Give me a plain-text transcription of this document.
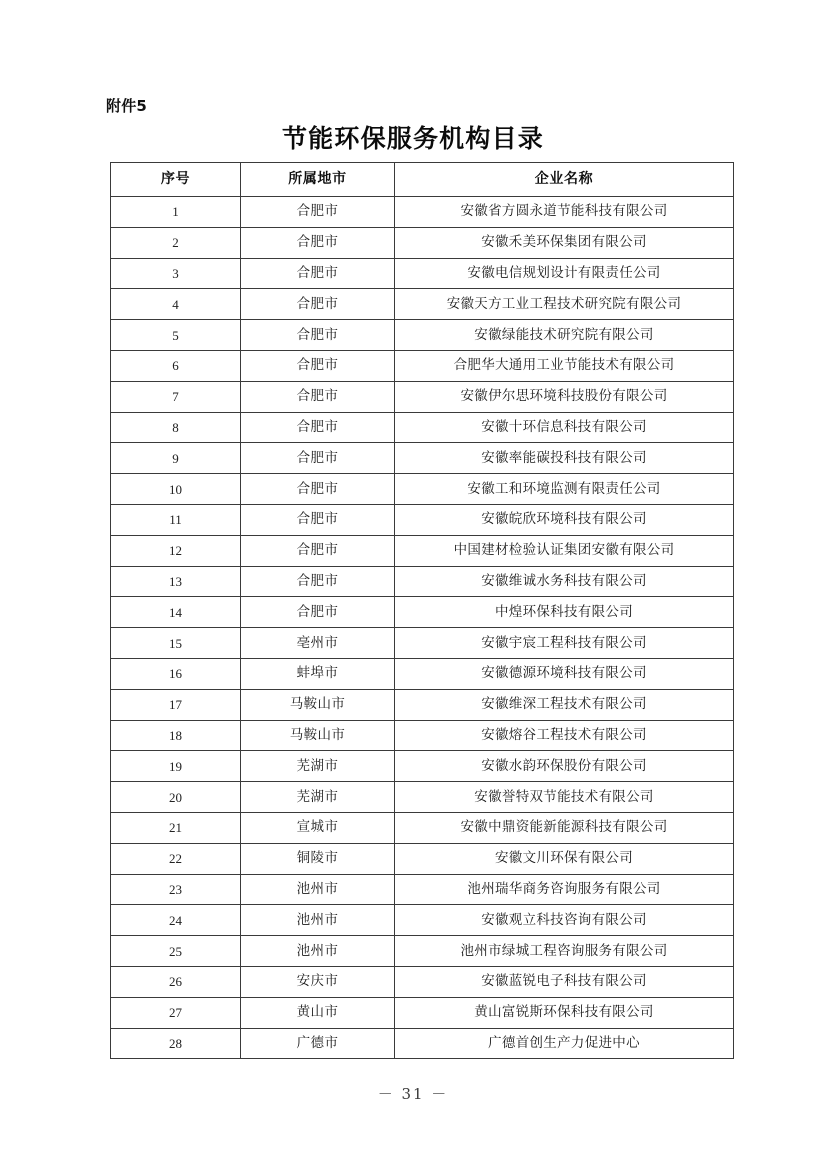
附件5
节能环保服务机构目录
序号	所属地市	企业名称
1	合肥市	安徽省方圆永道节能科技有限公司
2	合肥市	安徽禾美环保集团有限公司
3	合肥市	安徽电信规划设计有限责任公司
4	合肥市	安徽天方工业工程技术研究院有限公司
5	合肥市	安徽绿能技术研究院有限公司
6	合肥市	合肥华大通用工业节能技术有限公司
7	合肥市	安徽伊尔思环境科技股份有限公司
8	合肥市	安徽十环信息科技有限公司
9	合肥市	安徽率能碳投科技有限公司
10	合肥市	安徽工和环境监测有限责任公司
11	合肥市	安徽皖欣环境科技有限公司
12	合肥市	中国建材检验认证集团安徽有限公司
13	合肥市	安徽维诚水务科技有限公司
14	合肥市	中煌环保科技有限公司
15	亳州市	安徽宇宸工程科技有限公司
16	蚌埠市	安徽德源环境科技有限公司
17	马鞍山市	安徽维深工程技术有限公司
18	马鞍山市	安徽熔谷工程技术有限公司
19	芜湖市	安徽水韵环保股份有限公司
20	芜湖市	安徽誉特双节能技术有限公司
21	宣城市	安徽中鼎资能新能源科技有限公司
22	铜陵市	安徽文川环保有限公司
23	池州市	池州瑞华商务咨询服务有限公司
24	池州市	安徽观立科技咨询有限公司
25	池州市	池州市绿城工程咨询服务有限公司
26	安庆市	安徽蓝锐电子科技有限公司
27	黄山市	黄山富锐斯环保科技有限公司
28	广德市	广德首创生产力促进中心
－ 31 －
